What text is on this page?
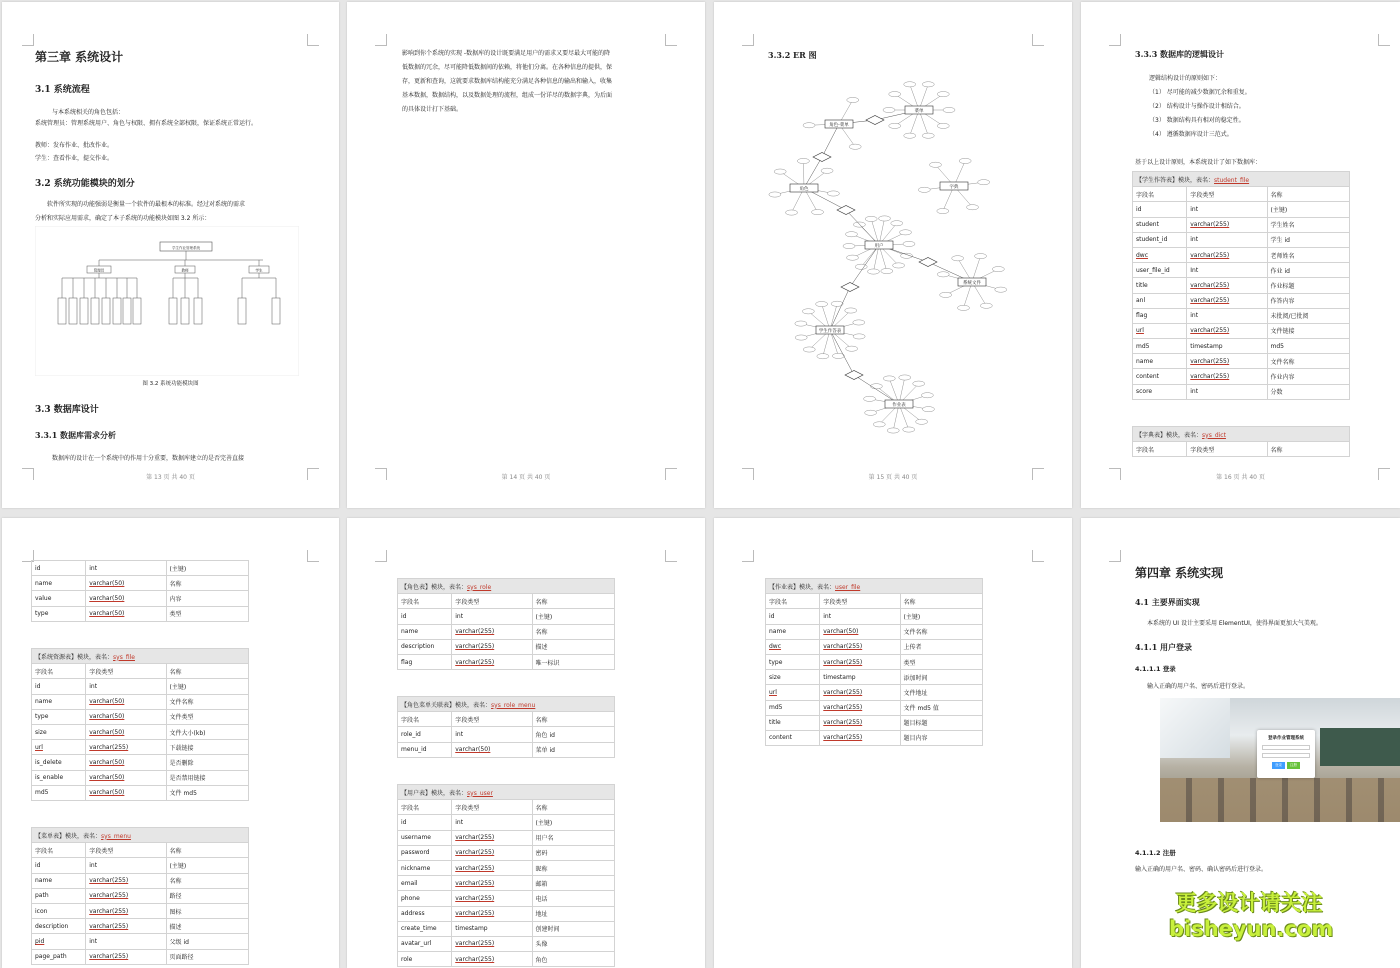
第三章 系统设计
3.1 系统流程
与本系统相关的角色包括：
系统管理员：管理系统用户、角色与权限、拥有系统全部权限，保证系统正常运行。
教师：发布作业、批改作业。
学生：查看作业，提交作业。
3.2 系统功能模块的划分
软件所实现的功能强弱是衡量一个软件的最根本的标准。经过对系统的需求
分析和实际应用需求，确定了本子系统的功能模块如图 3.2 所示：
学生作业管理系统
管理员	教师	学生
图 3.2 系统功能模块图
3.3 数据库设计
3.3.1 数据库需求分析
数据库的设计在一个系统中的作用十分重要，数据库建立的是否完善直接
第 13 页 共 40 页
影响到你个系统的实现 -数据库的设计既要满足用户的需求又要尽最大可能的降
低数据的冗余，尽可能降低数据间的依赖，将他们分离。在各种信息的提供，保
存，更新和查询，这就要求数据库结构能充分满足各种信息的输出和输入，收集
基本数据，数据结构，以及数据处理的流程，组成一份详尽的数据字典，为后面
的具体设计打下基础。
第 14 页 共 40 页
3.3.2 ER 图
菜单
角色-菜单
角色	字典
用户
系统文件
学生作答表
作业表
第 15 页 共 40 页
3.3.3 数据库的逻辑设计
逻辑结构设计的原则如下：
（1） 尽可能的减少数据冗余和重复。
（2） 结构设计与操作设计相结合。
（3） 数据结构具有相对的稳定性。
（4） 遵循数据库设计三范式。
基于以上设计原则，本系统设计了如下数据库：
【学生作答表】模块，表名：student_file		
字段名	字段类型	名称
id	int	(主键)
student	varchar(255)	学生姓名
student_id	int	学生 id
dwc	varchar(255)	老师姓名
user_file_id	Int	作业 id
title	varchar(255)	作业标题
anl	varchar(255)	作答内容
flag	int	未批阅/已批阅
url	varchar(255)	文件链接
md5	timestamp	md5
name	varchar(255)	文件名称
content	varchar(255)	作业内容
score	int	分数
【字典表】模块，表名：sys_dict
字段名	字段类型	名称
第 16 页 共 40 页
id	int	(主键)
name	varchar(50)	名称
value	varchar(50)	内容
type	varchar(50)	类型
【系统资源表】模块，表名：sys_file		
字段名	字段类型	名称
id	int	(主键)
name	varchar(50)	文件名称
type	varchar(50)	文件类型
size	varchar(50)	文件大小(kb)
url	varchar(255)	下载链接
is_delete	varchar(50)	是否删除
is_enable	varchar(50)	是否禁用链接
md5	varchar(50)	文件 md5
【菜单表】模块，表名：sys_menu		
字段名	字段类型	名称
id	int	(主键)
name	varchar(255)	名称
path	varchar(255)	路径
icon	varchar(255)	图标
description	varchar(255)	描述
pid	int	父级 id
page_path	varchar(255)	页面路径
【角色表】模块，表名：sys_role		
字段名	字段类型	名称
id	int	(主键)
name	varchar(255)	名称
description	varchar(255)	描述
flag	varchar(255)	唯一标识
【角色菜单关联表】模块，表名：sys_role_menu		
字段名	字段类型	名称
role_id	int	角色 id
menu_id	varchar(50)	菜单 id
【用户表】模块，表名：sys_user		
字段名	字段类型	名称
id	int	(主键)
username	varchar(255)	用户名
password	varchar(255)	密码
nickname	varchar(255)	昵称
email	varchar(255)	邮箱
phone	varchar(255)	电话
address	varchar(255)	地址
create_time	timestamp	创建时间
avatar_url	varchar(255)	头像
role	varchar(255)	角色
【作业表】模块，表名：user_file		
字段名	字段类型	名称
id	int	(主键)
name	varchar(50)	文件名称
dwc	varchar(255)	上传者
type	varchar(255)	类型
size	timestamp	添加时间
url	varchar(255)	文件地址
md5	varchar(255)	文件 md5 值
title	varchar(255)	题目标题
content	varchar(255)	题目内容
第四章 系统实现
4.1 主要界面实现
本系统的 UI 设计主要采用 ElementUI，使得界面更加大气美观。
4.1.1 用户登录
4.1.1.1 登录
输入正确的用户名、密码后进行登录。
登录作业管理系统
登录	注册
4.1.1.2 注册
输入正确的用户名、密码、确认密码后进行登录。
更多设计请关注
bisheyun.com
